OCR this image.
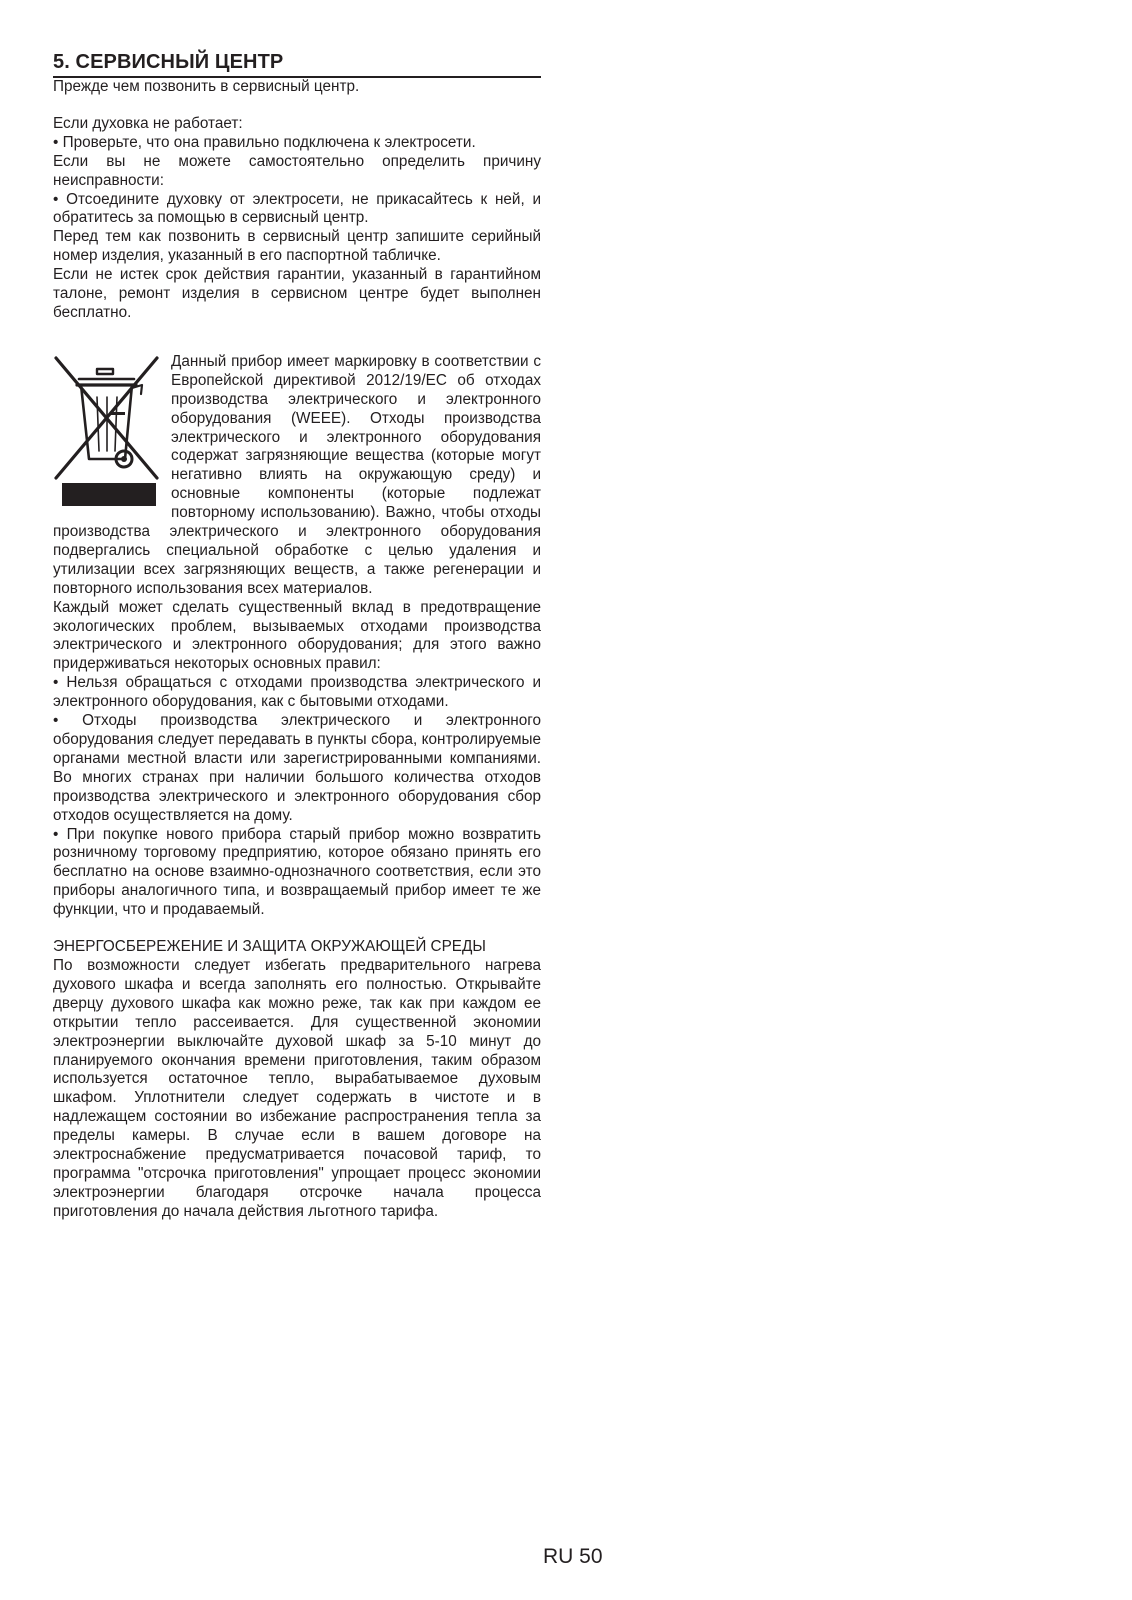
5. СЕРВИСНЫЙ ЦЕНТР

Прежде чем позвонить в сервисный центр.

Если духовка не работает:

• Проверьте, что она правильно подключена к электросети.

Если вы не можете самостоятельно определить причину неисправности:

• Отсоедините духовку от электросети, не прикасайтесь к ней, и обратитесь за помощью в сервисный центр.

Перед тем как позвонить в сервисный центр запишите серийный номер изделия, указанный в его паспортной табличке.

Если не истек срок действия гарантии, указанный в гарантийном талоне, ремонт изделия в сервисном центре будет выполнен бесплатно.

Данный прибор имеет маркировку в соответствии с Европейской директивой 2012/19/EC об отходах производства электрического и электронного оборудования (WEEE). Отходы производства электрического и электронного оборудования содержат загрязняющие вещества (которые могут негативно влиять на окружающую среду) и основные компоненты (которые подлежат повторному использованию). Важно, чтобы отходы производства электрического и электронного оборудования подвергались специальной обработке с целью удаления и утилизации всех загрязняющих веществ, а также регенерации и повторного использования всех материалов.

Каждый может сделать существенный вклад в предотвращение экологических проблем, вызываемых отходами производства электрического и электронного оборудования; для этого важно придерживаться некоторых основных правил:

• Нельзя обращаться с отходами производства электрического и электронного оборудования, как с бытовыми отходами.

• Отходы производства электрического и электронного оборудования следует передавать в пункты сбора, контролируемые органами местной власти или зарегистрированными компаниями. Во многих странах при наличии большого количества отходов производства электрического и электронного оборудования сбор отходов осуществляется на дому.

• При покупке нового прибора старый прибор можно возвратить розничному торговому предприятию, которое обязано принять его бесплатно на основе взаимно-однозначного соответствия, если это приборы аналогичного типа, и возвращаемый прибор имеет те же функции, что и продаваемый.

ЭНЕРГОСБЕРЕЖЕНИЕ И ЗАЩИТА ОКРУЖАЮЩЕЙ СРЕДЫ

По возможности следует избегать предварительного нагрева духового шкафа и всегда заполнять его полностью. Открывайте дверцу духового шкафа как можно реже, так как при каждом ее открытии тепло рассеивается. Для существенной экономии электроэнергии выключайте духовой шкаф за 5-10 минут до планируемого окончания времени приготовления, таким образом используется остаточное тепло, вырабатываемое духовым шкафом. Уплотнители следует содержать в чистоте и в надлежащем состоянии во избежание распространения тепла за пределы камеры. В случае если в вашем договоре на электроснабжение предусматривается почасовой тариф, то программа "отсрочка приготовления" упрощает процесс экономии электроэнергии благодаря отсрочке начала процесса приготовления до начала действия льготного тарифа.

RU 50
